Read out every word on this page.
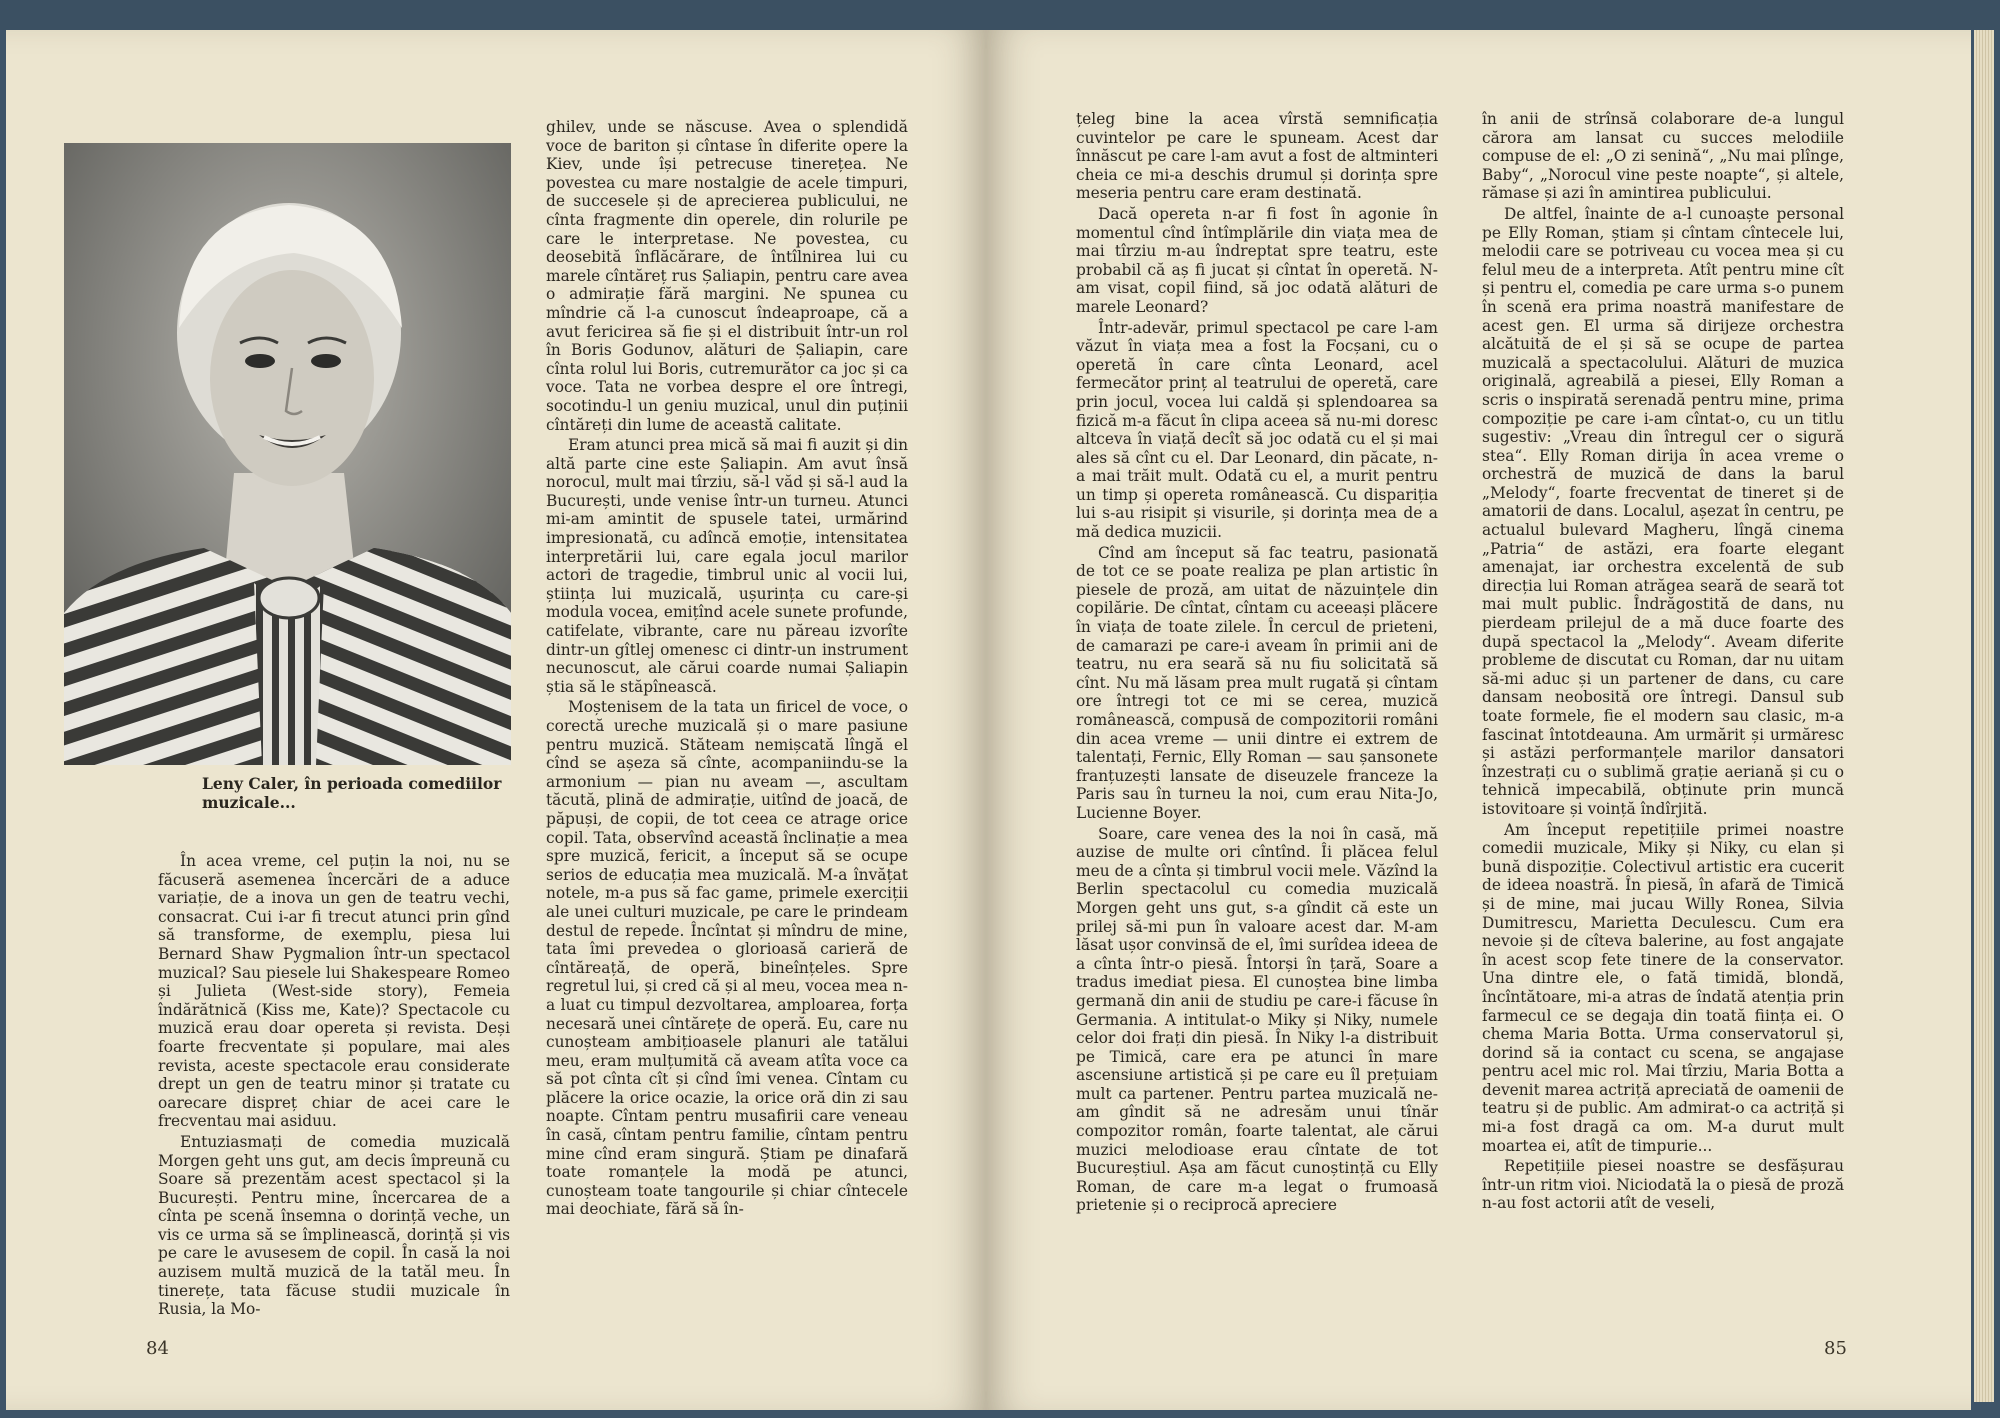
Leny Caler, în perioada comediilor muzicale...

În acea vreme, cel puțin la noi, nu se făcuseră asemenea încercări de a aduce variație, de a inova un gen de teatru vechi, consacrat. Cui i-ar fi trecut atunci prin gînd să transforme, de exemplu, piesa lui Bernard Shaw Pygmalion într-un spectacol muzical? Sau piesele lui Shakespeare Romeo și Julieta (West-side story), Femeia îndărătnică (Kiss me, Kate)? Spectacole cu muzică erau doar opereta și revista. Deși foarte frecventate și populare, mai ales revista, aceste spectacole erau considerate drept un gen de teatru minor și tratate cu oarecare dispreț chiar de acei care le frecventau mai asiduu.

Entuziasmați de comedia muzicală Morgen geht uns gut, am decis împreună cu Soare să prezentăm acest spectacol și la București. Pentru mine, încercarea de a cînta pe scenă însemna o dorință veche, un vis ce urma să se împlinească, dorință și vis pe care le avusesem de copil. În casă la noi auzisem multă muzică de la tatăl meu. În tinerețe, tata făcuse studii muzicale în Rusia, la Mo-

ghilev, unde se născuse. Avea o splendidă voce de bariton și cîntase în diferite opere la Kiev, unde își petrecuse tinerețea. Ne povestea cu mare nostalgie de acele timpuri, de succesele și de aprecierea publicului, ne cînta fragmente din operele, din rolurile pe care le interpretase. Ne povestea, cu deosebită înflăcărare, de întîlnirea lui cu marele cîntăreț rus Șaliapin, pentru care avea o admirație fără margini. Ne spunea cu mîndrie că l-a cunoscut îndeaproape, că a avut fericirea să fie și el distribuit într-un rol în Boris Godunov, alături de Șaliapin, care cînta rolul lui Boris, cutremurător ca joc și ca voce. Tata ne vorbea despre el ore întregi, socotindu-l un geniu muzical, unul din puținii cîntăreți din lume de această calitate.

Eram atunci prea mică să mai fi auzit și din altă parte cine este Șaliapin. Am avut însă norocul, mult mai tîrziu, să-l văd și să-l aud la București, unde venise într-un turneu. Atunci mi-am amintit de spusele tatei, urmărind impresionată, cu adîncă emoție, intensitatea interpretării lui, care egala jocul marilor actori de tragedie, timbrul unic al vocii lui, știința lui muzicală, ușurința cu care-și modula vocea, emițînd acele sunete profunde, catifelate, vibrante, care nu păreau izvorîte dintr-un gîtlej omenesc ci dintr-un instrument necunoscut, ale cărui coarde numai Șaliapin știa să le stăpînească.

Moștenisem de la tata un firicel de voce, o corectă ureche muzicală și o mare pasiune pentru muzică. Stăteam nemișcată lîngă el cînd se așeza să cînte, acompaniindu-se la armonium — pian nu aveam —, ascultam tăcută, plină de admirație, uitînd de joacă, de păpuși, de copii, de tot ceea ce atrage orice copil. Tata, observînd această înclinație a mea spre muzică, fericit, a început să se ocupe serios de educația mea muzicală. M-a învățat notele, m-a pus să fac game, primele exerciții ale unei culturi muzicale, pe care le prindeam destul de repede. Încîntat și mîndru de mine, tata îmi prevedea o glorioasă carieră de cîntăreață, de operă, bineînțeles. Spre regretul lui, și cred că și al meu, vocea mea n-a luat cu timpul dezvoltarea, amploarea, forța necesară unei cîntărețe de operă. Eu, care nu cunoșteam ambițioasele planuri ale tatălui meu, eram mulțumită că aveam atîta voce ca să pot cînta cît și cînd îmi venea. Cîntam cu plăcere la orice ocazie, la orice oră din zi sau noapte. Cîntam pentru musafirii care veneau în casă, cîntam pentru familie, cîntam pentru mine cînd eram singură. Știam pe dinafară toate romanțele la modă pe atunci, cunoșteam toate tangourile și chiar cîntecele mai deochiate, fără să în-

84

țeleg bine la acea vîrstă semnificația cuvintelor pe care le spuneam. Acest dar înnăscut pe care l-am avut a fost de altminteri cheia ce mi-a deschis drumul și dorința spre meseria pentru care eram destinată.

Dacă opereta n-ar fi fost în agonie în momentul cînd întîmplările din viața mea de mai tîrziu m-au îndreptat spre teatru, este probabil că aș fi jucat și cîntat în operetă. N-am visat, copil fiind, să joc odată alături de marele Leonard?

Într-adevăr, primul spectacol pe care l-am văzut în viața mea a fost la Focșani, cu o operetă în care cînta Leonard, acel fermecător prinț al teatrului de operetă, care prin jocul, vocea lui caldă și splendoarea sa fizică m-a făcut în clipa aceea să nu-mi doresc altceva în viață decît să joc odată cu el și mai ales să cînt cu el. Dar Leonard, din păcate, n-a mai trăit mult. Odată cu el, a murit pentru un timp și opereta românească. Cu dispariția lui s-au risipit și visurile, și dorința mea de a mă dedica muzicii.

Cînd am început să fac teatru, pasionată de tot ce se poate realiza pe plan artistic în piesele de proză, am uitat de năzuințele din copilărie. De cîntat, cîntam cu aceeași plăcere în viața de toate zilele. În cercul de prieteni, de camarazi pe care-i aveam în primii ani de teatru, nu era seară să nu fiu solicitată să cînt. Nu mă lăsam prea mult rugată și cîntam ore întregi tot ce mi se cerea, muzică românească, compusă de compozitorii români din acea vreme — unii dintre ei extrem de talentați, Fernic, Elly Roman — sau șansonete franțuzești lansate de diseuzele franceze la Paris sau în turneu la noi, cum erau Nita-Jo, Lucienne Boyer.

Soare, care venea des la noi în casă, mă auzise de multe ori cîntînd. Îi plăcea felul meu de a cînta și timbrul vocii mele. Văzînd la Berlin spectacolul cu comedia muzicală Morgen geht uns gut, s-a gîndit că este un prilej să-mi pun în valoare acest dar. M-am lăsat ușor convinsă de el, îmi surîdea ideea de a cînta într-o piesă. Întorși în țară, Soare a tradus imediat piesa. El cunoștea bine limba germană din anii de studiu pe care-i făcuse în Germania. A intitulat-o Miky și Niky, numele celor doi frați din piesă. În Niky l-a distribuit pe Timică, care era pe atunci în mare ascensiune artistică și pe care eu îl prețuiam mult ca partener. Pentru partea muzicală ne-am gîndit să ne adresăm unui tînăr compozitor român, foarte talentat, ale cărui muzici melodioase erau cîntate de tot Bucureștiul. Așa am făcut cunoștință cu Elly Roman, de care m-a legat o frumoasă prietenie și o reciprocă apreciere

în anii de strînsă colaborare de-a lungul cărora am lansat cu succes melodiile compuse de el: „O zi senină“, „Nu mai plînge, Baby“, „Norocul vine peste noapte“, și altele, rămase și azi în amintirea publicului.

De altfel, înainte de a-l cunoaște personal pe Elly Roman, știam și cîntam cîntecele lui, melodii care se potriveau cu vocea mea și cu felul meu de a interpreta. Atît pentru mine cît și pentru el, comedia pe care urma s-o punem în scenă era prima noastră manifestare de acest gen. El urma să dirijeze orchestra alcătuită de el și să se ocupe de partea muzicală a spectacolului. Alături de muzica originală, agreabilă a piesei, Elly Roman a scris o inspirată serenadă pentru mine, prima compoziție pe care i-am cîntat-o, cu un titlu sugestiv: „Vreau din întregul cer o sigură stea“. Elly Roman dirija în acea vreme o orchestră de muzică de dans la barul „Melody“, foarte frecventat de tineret și de amatorii de dans. Localul, așezat în centru, pe actualul bulevard Magheru, lîngă cinema „Patria“ de astăzi, era foarte elegant amenajat, iar orchestra excelentă de sub direcția lui Roman atrăgea seară de seară tot mai mult public. Îndrăgostită de dans, nu pierdeam prilejul de a mă duce foarte des după spectacol la „Melody“. Aveam diferite probleme de discutat cu Roman, dar nu uitam să-mi aduc și un partener de dans, cu care dansam neobosită ore întregi. Dansul sub toate formele, fie el modern sau clasic, m-a fascinat întotdeauna. Am urmărit și urmăresc și astăzi performanțele marilor dansatori înzestrați cu o sublimă grație aeriană și cu o tehnică impecabilă, obținute prin muncă istovitoare și voință îndîrjită.

Am început repetițiile primei noastre comedii muzicale, Miky și Niky, cu elan și bună dispoziție. Colectivul artistic era cucerit de ideea noastră. În piesă, în afară de Timică și de mine, mai jucau Willy Ronea, Silvia Dumitrescu, Marietta Deculescu. Cum era nevoie și de cîteva balerine, au fost angajate în acest scop fete tinere de la conservator. Una dintre ele, o fată timidă, blondă, încîntătoare, mi-a atras de îndată atenția prin farmecul ce se degaja din toată ființa ei. O chema Maria Botta. Urma conservatorul și, dorind să ia contact cu scena, se angajase pentru acel mic rol. Mai tîrziu, Maria Botta a devenit marea actriță apreciată de oamenii de teatru și de public. Am admirat-o ca actriță și mi-a fost dragă ca om. M-a durut mult moartea ei, atît de timpurie...

Repetițiile piesei noastre se desfășurau într-un ritm vioi. Niciodată la o piesă de proză n-au fost actorii atît de veseli,

85
